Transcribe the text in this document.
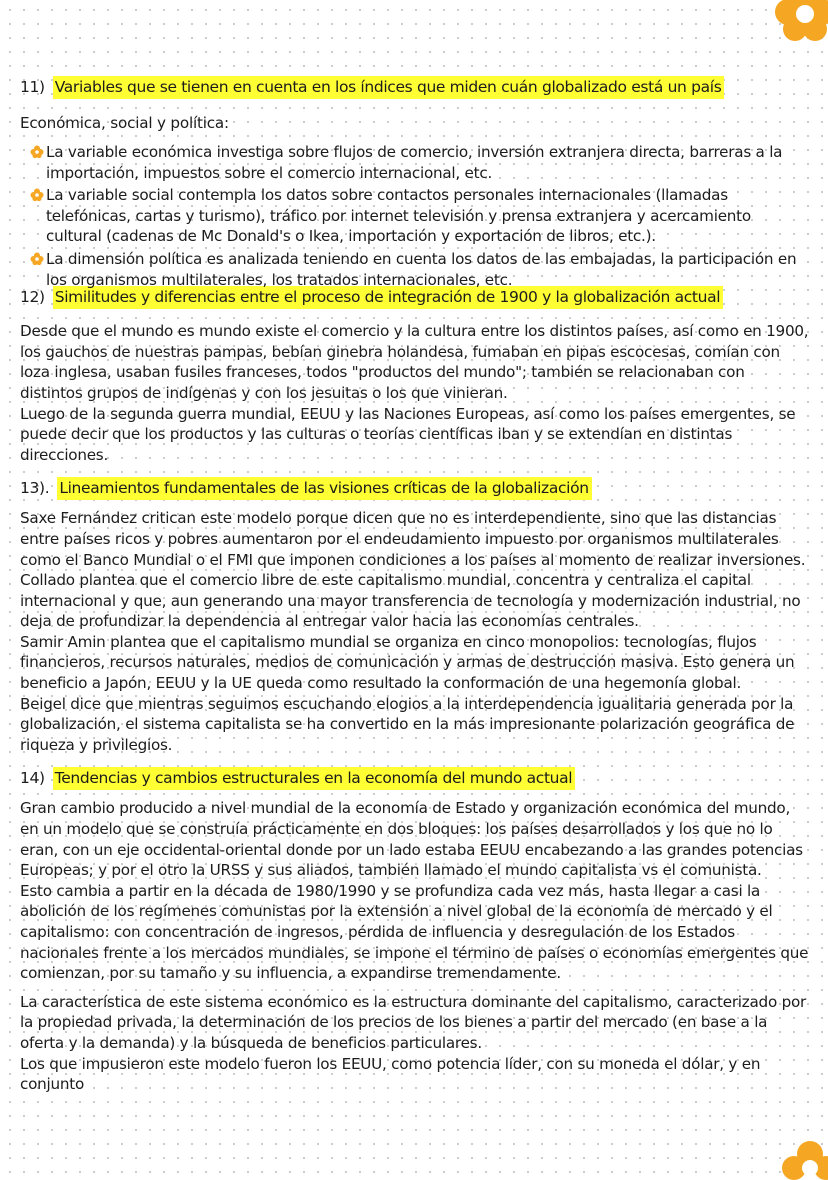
11) Variables que se tienen en cuenta en los índices que miden cuán globalizado está un país

Económica, social y política:

La variable económica investiga sobre flujos de comercio, inversión extranjera directa, barreras a la importación, impuestos sobre el comercio internacional, etc.
La variable social contempla los datos sobre contactos personales internacionales (llamadas telefónicas, cartas y turismo), tráfico por internet televisión y prensa extranjera y acercamiento cultural (cadenas de Mc Donald's o Ikea, importación y exportación de libros, etc.).
La dimensión política es analizada teniendo en cuenta los datos de las embajadas, la participación en los organismos multilaterales, los tratados internacionales, etc.
12) Similitudes y diferencias entre el proceso de integración de 1900 y la globalización actual

Desde que el mundo es mundo existe el comercio y la cultura entre los distintos países, así como en 1900, los gauchos de nuestras pampas, bebían ginebra holandesa, fumaban en pipas escocesas, comían con loza inglesa, usaban fusiles franceses, todos "productos del mundo"; también se relacionaban con distintos grupos de indígenas y con los jesuitas o los que vinieran.

Luego de la segunda guerra mundial, EEUU y las Naciones Europeas, así como los países emergentes, se puede decir que los productos y las culturas o teorías científicas iban y se extendían en distintas direcciones.

13). Lineamientos fundamentales de las visiones críticas de la globalización

Saxe Fernández critican este modelo porque dicen que no es interdependiente, sino que las distancias entre países ricos y pobres aumentaron por el endeudamiento impuesto por organismos multilaterales como el Banco Mundial o el FMI que imponen condiciones a los países al momento de realizar inversiones.

Collado plantea que el comercio libre de este capitalismo mundial, concentra y centraliza el capital internacional y que, aun generando una mayor transferencia de tecnología y modernización industrial, no deja de profundizar la dependencia al entregar valor hacia las economías centrales.

Samir Amin plantea que el capitalismo mundial se organiza en cinco monopolios: tecnologías, flujos financieros, recursos naturales, medios de comunicación y armas de destrucción masiva. Esto genera un beneficio a Japón, EEUU y la UE queda como resultado la conformación de una hegemonía global.

Beigel dice que mientras seguimos escuchando elogios a la interdependencia igualitaria generada por la globalización, el sistema capitalista se ha convertido en la más impresionante polarización geográfica de riqueza y privilegios.

14) Tendencias y cambios estructurales en la economía del mundo actual

Gran cambio producido a nivel mundial de la economía de Estado y organización económica del mundo, en un modelo que se construía prácticamente en dos bloques: los países desarrollados y los que no lo eran, con un eje occidental-oriental donde por un lado estaba EEUU encabezando a las grandes potencias Europeas; y por el otro la URSS y sus aliados, también llamado el mundo capitalista vs el comunista.

Esto cambia a partir en la década de 1980/1990 y se profundiza cada vez más, hasta llegar a casi la abolición de los regímenes comunistas por la extensión a nivel global de la economía de mercado y el capitalismo: con concentración de ingresos, pérdida de influencia y desregulación de los Estados nacionales frente a los mercados mundiales, se impone el término de países o economías emergentes que comienzan, por su tamaño y su influencia, a expandirse tremendamente.

La característica de este sistema económico es la estructura dominante del capitalismo, caracterizado por la propiedad privada, la determinación de los precios de los bienes a partir del mercado (en base a la oferta y la demanda) y la búsqueda de beneficios particulares.

Los que impusieron este modelo fueron los EEUU, como potencia líder, con su moneda el dólar, y en conjunto
